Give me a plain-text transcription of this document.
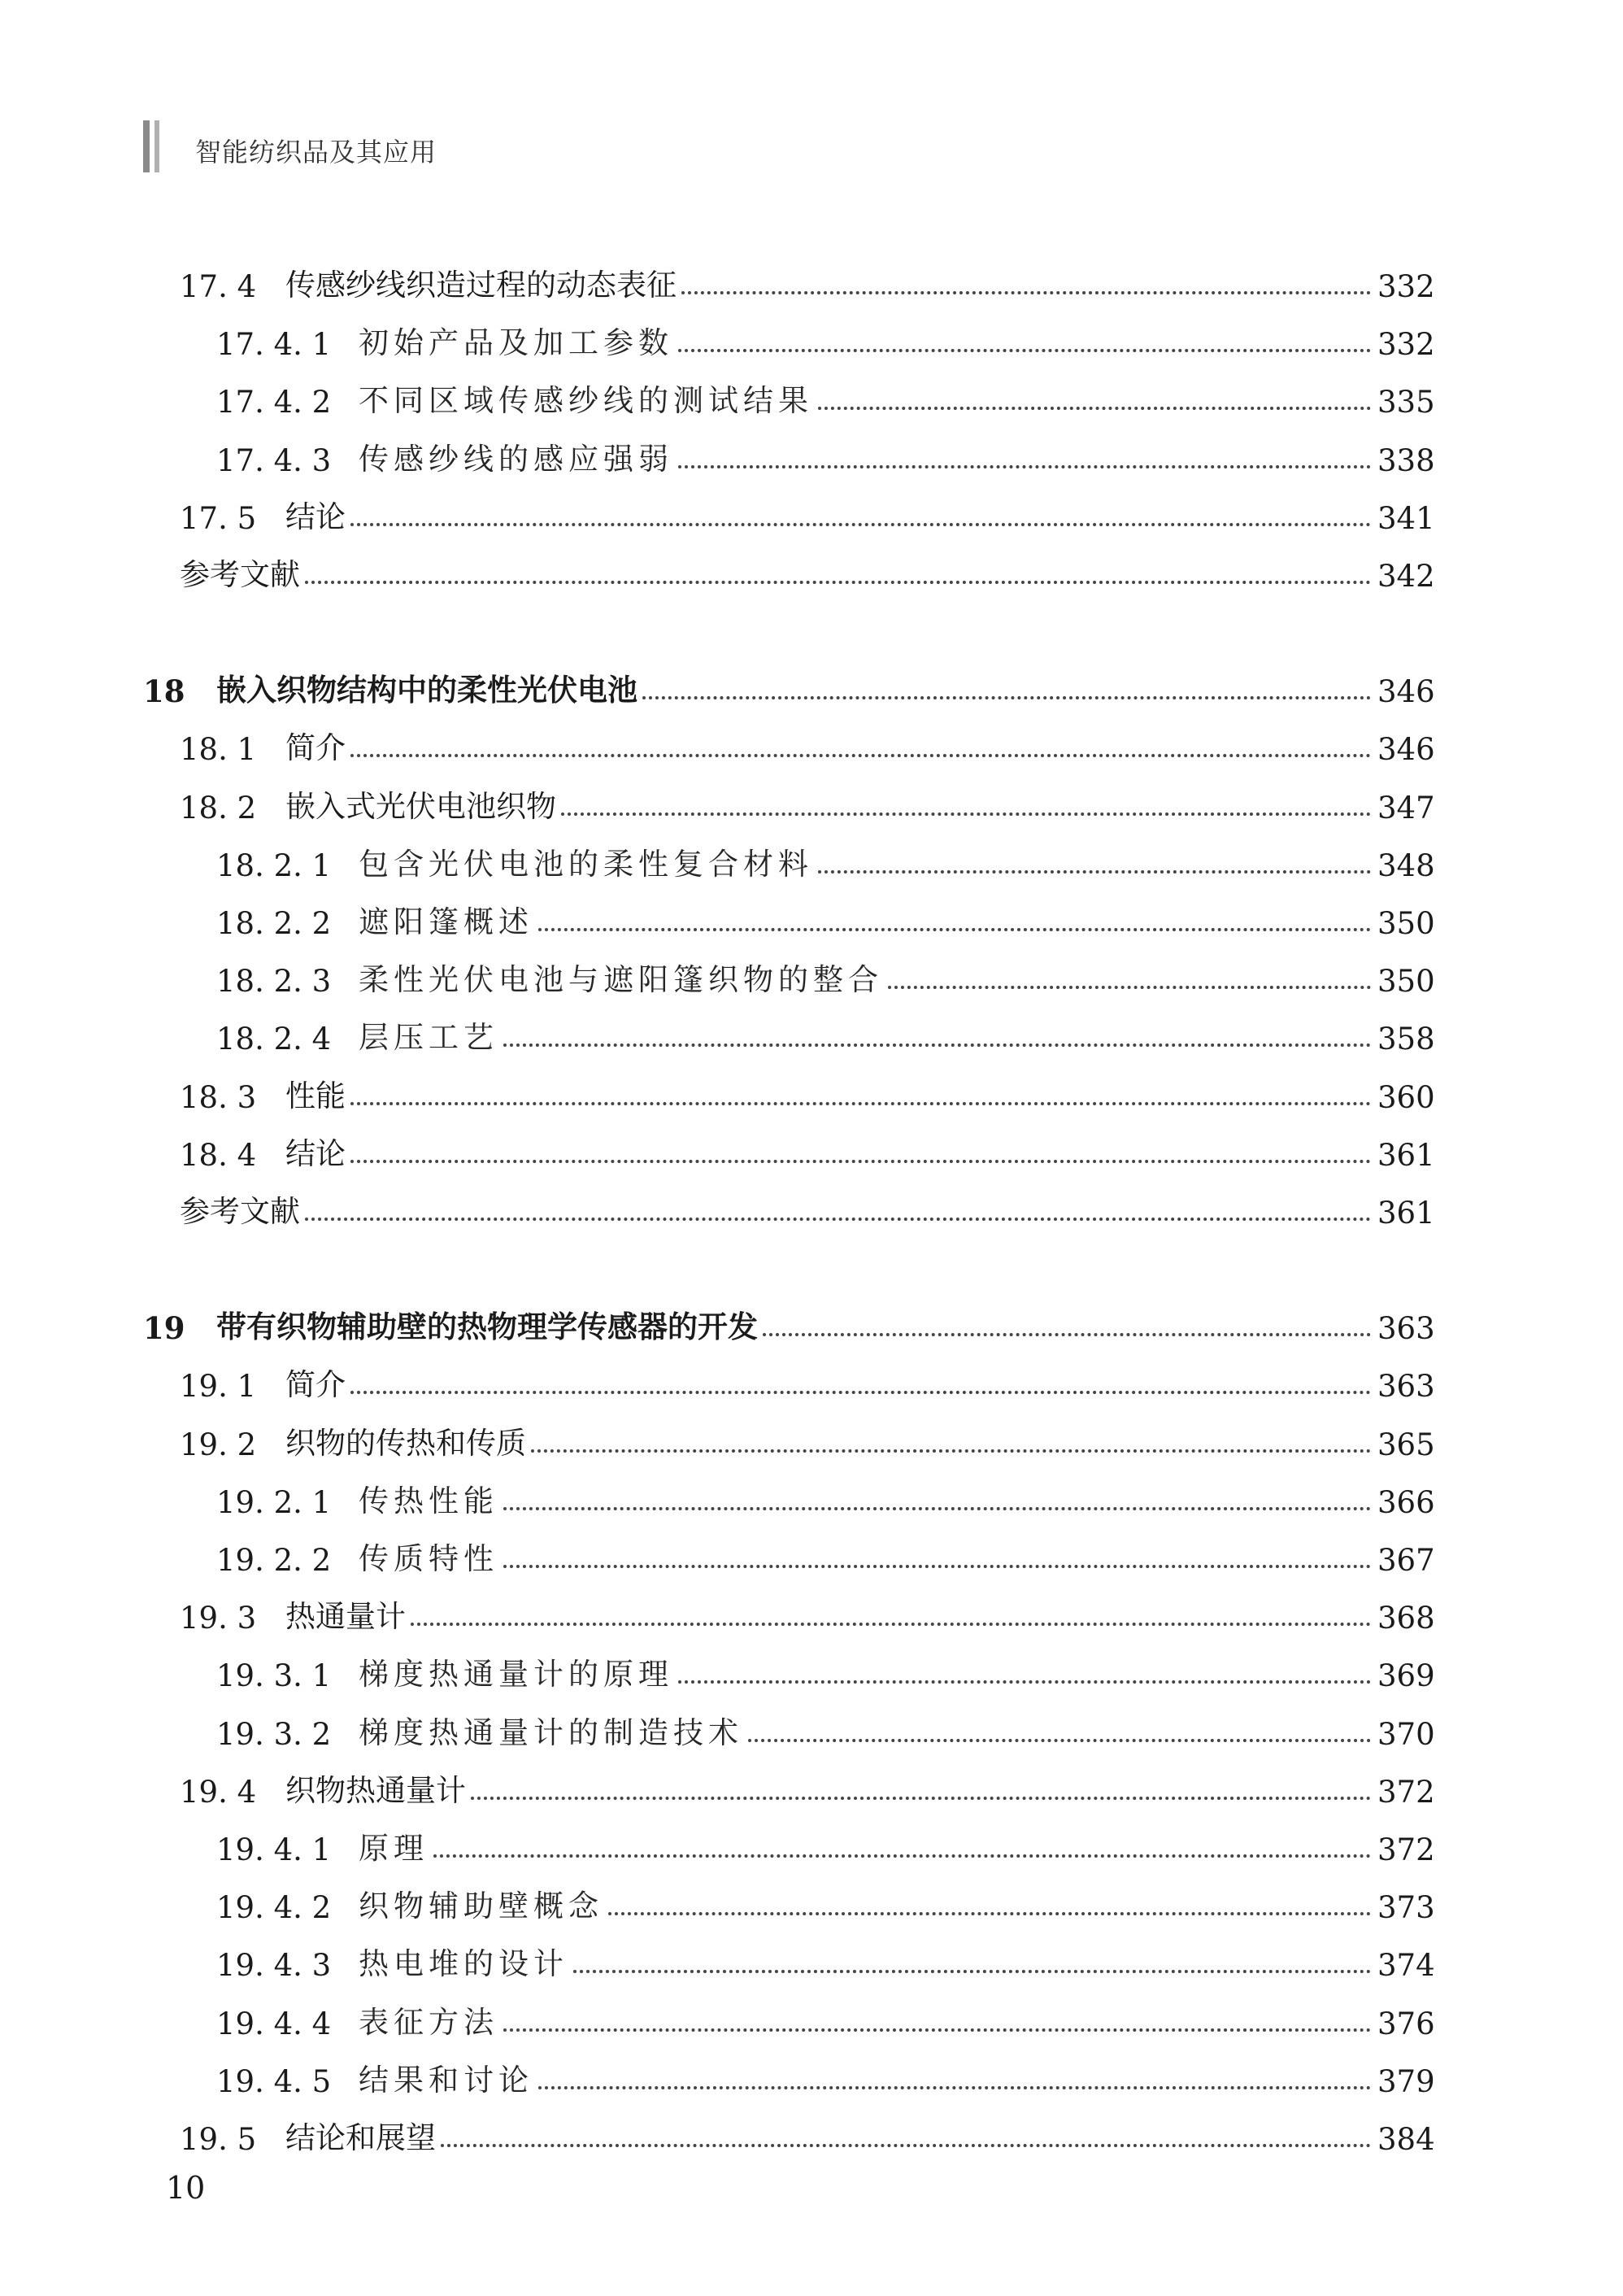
智能纺织品及其应用
17. 4 传感纱线织造过程的动态表征	332
17. 4. 1 初始产品及加工参数	332
17. 4. 2 不同区域传感纱线的测试结果	335
17. 4. 3 传感纱线的感应强弱	338
17. 5 结论	341
参考文献	342
18	嵌入织物结构中的柔性光伏电池	346
18. 1 简介	346
18. 2 嵌入式光伏电池织物	347
18. 2. 1 包含光伏电池的柔性复合材料	348
18. 2. 2 遮阳篷概述	350
18. 2. 3 柔性光伏电池与遮阳篷织物的整合	350
18. 2. 4 层压工艺	358
18. 3 性能	360
18. 4 结论	361
参考文献	361
19	带有织物辅助壁的热物理学传感器的开发	363
19. 1 简介	363
19. 2 织物的传热和传质	365
19. 2. 1 传热性能	366
19. 2. 2 传质特性	367
19. 3 热通量计	368
19. 3. 1 梯度热通量计的原理	369
19. 3. 2 梯度热通量计的制造技术	370
19. 4 织物热通量计	372
19. 4. 1 原理	372
19. 4. 2 织物辅助壁概念	373
19. 4. 3 热电堆的设计	374
19. 4. 4 表征方法	376
19. 4. 5 结果和讨论	379
19. 5 结论和展望	384
10
